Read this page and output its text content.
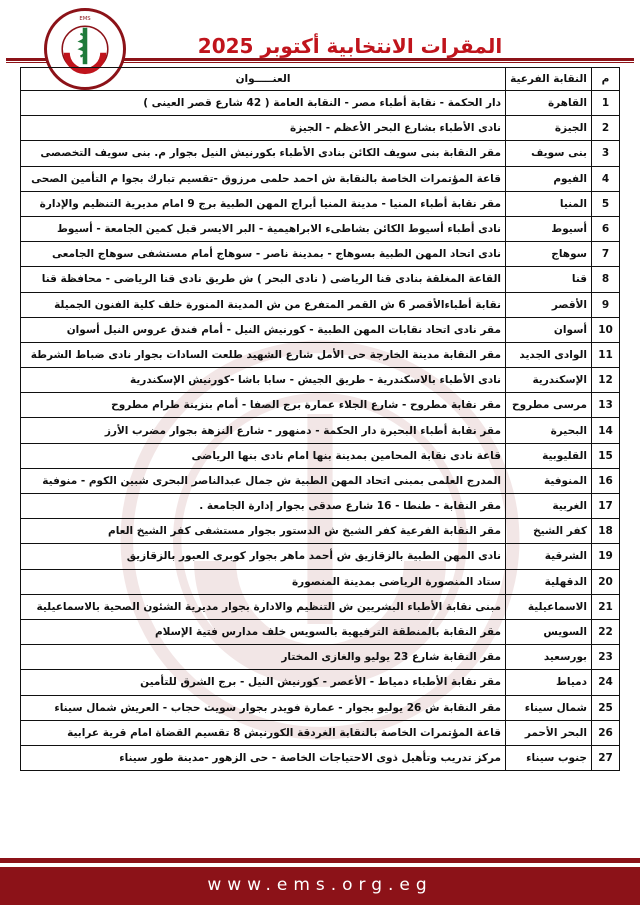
EMS
المقرات الانتخابية أكتوبر 2025
م	النقابة الفرعية	العنـــــوان
1	القاهرة	دار الحكمة - نقابة أطباء مصر - النقابة العامة ( 42 شارع قصر العينى )
2	الجيزة	نادى الأطباء بشارع البحر الأعظم - الجيزة
3	بنى سويف	مقر النقابة بنى سويف الكائن بنادى الأطباء بكورنيش النيل بجوار م. بنى سويف التخصصى
4	الفيوم	قاعة المؤتمرات الخاصة بالنقابة ش احمد حلمى مرزوق -تقسيم تبارك بجوا م التأمين الصحى
5	المنيا	مقر نقابة أطباء المنيا - مدينة المنيا أبراج المهن الطبية برج 9 امام مديرية التنظيم والإدارة
6	أسيوط	نادى أطباء أسيوط الكائن بشاطىء الابراهيمية - البر الايسر قبل كمين الجامعة - أسيوط
7	سوهاج	نادى اتحاد المهن الطبية بسوهاج - بمدينة ناصر - سوهاج أمام مستشفى سوهاج الجامعى
8	قنا	القاعة المغلقة بنادى قنا الرياضى ( نادى البحر ) ش طريق نادى قنا الرياضى - محافظة قنا
9	الأقصر	نقابة أطباءالأقصر 6 ش القمر المتفرع من ش المدينة المنورة خلف كلية الفنون الجميلة
10	أسوان	مقر نادى اتحاد نقابات المهن الطبية - كورنيش النيل - أمام فندق عروس النيل أسوان
11	الوادى الجديد	مقر النقابة مدينة الخارجة حى الأمل شارع الشهيد طلعت السادات بجوار نادى ضباط الشرطة
12	الإسكندرية	نادى الأطباء بالاسكندرية - طريق الجيش - سابا باشا -كورنيش الإسكندرية
13	مرسى مطروح	مقر نقابة مطروح - شارع الجلاء عمارة برج الصفا - أمام بنزينة طرام مطروح
14	البحيرة	مقر نقابة أطباء البحيرة دار الحكمة - دمنهور - شارع النزهة بجوار مضرب الأرز
15	القليوبية	قاعة نادى نقابة المحامين بمدينة بنها امام نادى بنها الرياضى
16	المنوفية	المدرج العلمى بمبنى اتحاد المهن الطبية ش جمال عبدالناصر البحرى شبين الكوم - منوفية
17	الغربية	مقر النقابة - طنطا - 16 شارع صدقى بجوار إدارة الجامعة .
18	كفر الشيخ	مقر النقابة الفرعية كفر الشيخ ش الدستور بجوار مستشفى كفر الشيخ العام
19	الشرقية	نادى المهن الطبية بالزقازيق ش أحمد ماهر بجوار كوبرى العبور بالزقازيق
20	الدقهلية	ستاد المنصورة الرياضى بمدينة المنصورة
21	الاسماعيلية	مبنى نقابة الأطباء البشريين ش التنظيم والادارة بجوار مديرية الشئون الصحية بالاسماعيلية
22	السويس	مقر النقابة بالمنطقة الترفيهية بالسويس خلف مدارس فتية الإسلام
23	بورسعيد	مقر النقابة شارع 23 يوليو والغازى المختار
24	دمياط	مقر نقابة الأطباء دمياط - الأعصر - كورنيش النيل - برج الشرق للتأمين
25	شمال سيناء	مقر النقابة ش 26 يوليو بجوار - عمارة فويدر بجوار سويت حجاب - العريش شمال سيناء
26	البحر الأحمر	قاعة المؤتمرات الخاصة بالنقابة الغردقة الكورنيش 8 تقسيم القضاة امام قرية عرابية
27	جنوب سيناء	مركز تدريب وتأهيل ذوى الاحتياجات الخاصة - حى الزهور -مدينة طور سيناء
www.ems.org.eg
